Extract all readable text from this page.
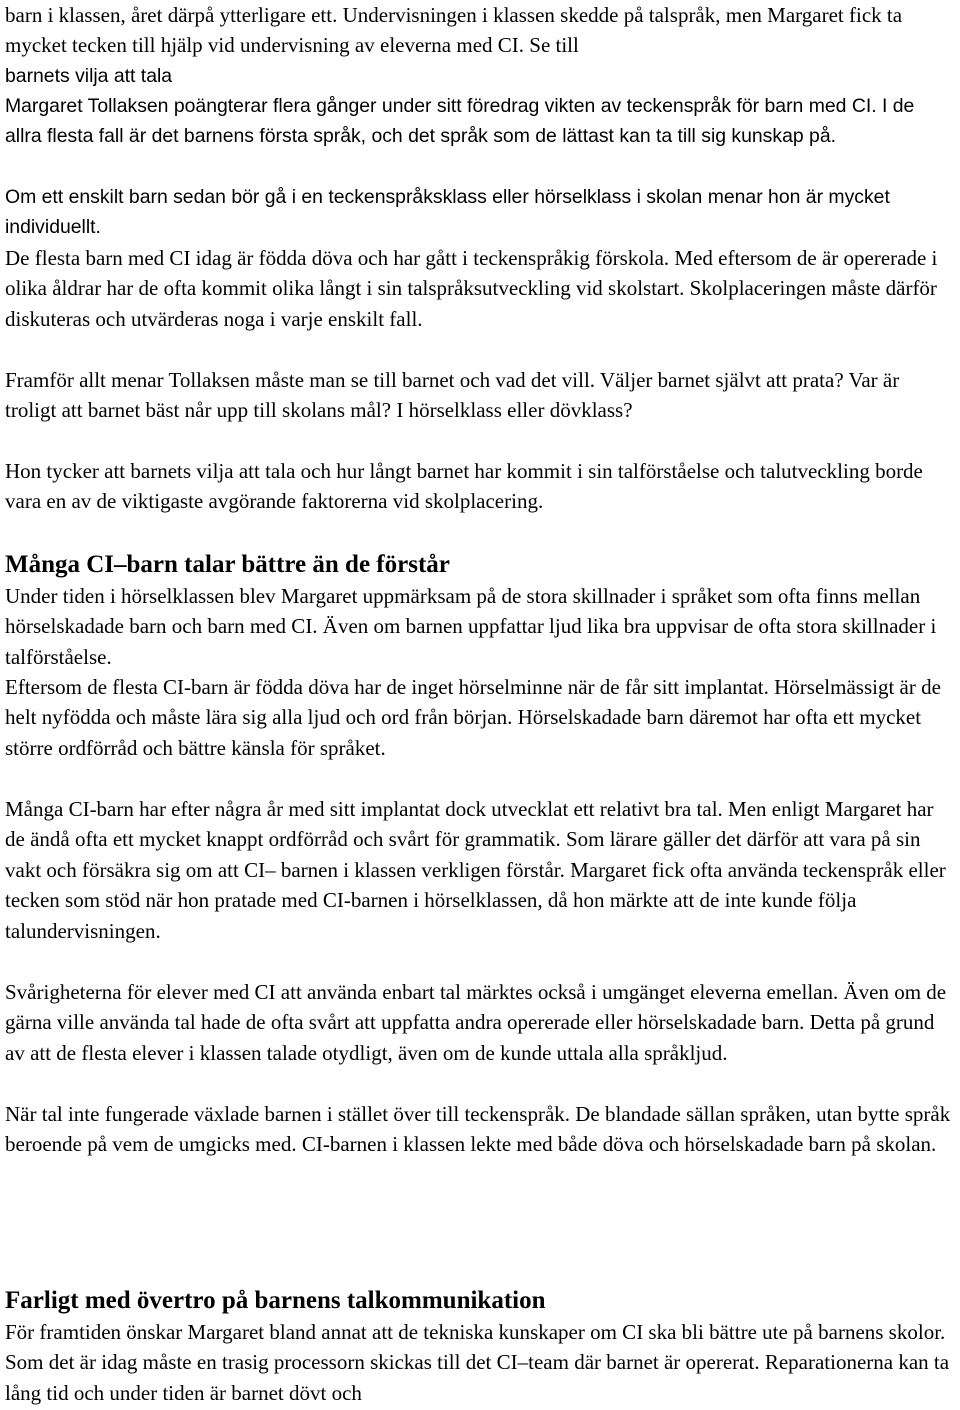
barn i klassen, året därpå ytterligare ett. Undervisningen i klassen skedde på talspråk, men Margaret fick ta mycket tecken till hjälp vid undervisning av eleverna med CI. Se till

barnets vilja att tala

Margaret Tollaksen poängterar flera gånger under sitt föredrag vikten av teckenspråk för barn med CI. I de allra flesta fall är det barnens första språk, och det språk som de lättast kan ta till sig kunskap på.

Om ett enskilt barn sedan bör gå i en teckenspråksklass eller hörselklass i skolan menar hon är mycket individuellt.

De flesta barn med CI idag är födda döva och har gått i teckenspråkig förskola. Med eftersom de är opererade i olika åldrar har de ofta kommit olika långt i sin talspråksutveckling vid skolstart. Skolplaceringen måste därför diskuteras och utvärderas noga i varje enskilt fall.

Framför allt menar Tollaksen måste man se till barnet och vad det vill. Väljer barnet självt att prata? Var är troligt att barnet bäst når upp till skolans mål? I hörselklass eller dövklass?

Hon tycker att barnets vilja att tala och hur långt barnet har kommit i sin talförståelse och talutveckling borde vara en av de viktigaste avgörande faktorerna vid skolplacering.

Många CI–barn talar bättre än de förstår

Under tiden i hörselklassen blev Margaret uppmärksam på de stora skillnader i språket som ofta finns mellan hörselskadade barn och barn med CI. Även om barnen uppfattar ljud lika bra uppvisar de ofta stora skillnader i talförståelse.

Eftersom de flesta CI-barn är födda döva har de inget hörselminne när de får sitt implantat. Hörselmässigt är de helt nyfödda och måste lära sig alla ljud och ord från början. Hörselskadade barn däremot har ofta ett mycket större ordförråd och bättre känsla för språket.

Många CI-barn har efter några år med sitt implantat dock utvecklat ett relativt bra tal. Men enligt Margaret har de ändå ofta ett mycket knappt ordförråd och svårt för grammatik. Som lärare gäller det därför att vara på sin vakt och försäkra sig om att CI– barnen i klassen verkligen förstår. Margaret fick ofta använda teckenspråk eller tecken som stöd när hon pratade med CI-barnen i hörselklassen, då hon märkte att de inte kunde följa talundervisningen.

Svårigheterna för elever med CI att använda enbart tal märktes också i umgänget eleverna emellan. Även om de gärna ville använda tal hade de ofta svårt att uppfatta andra opererade eller hörselskadade barn. Detta på grund av att de flesta elever i klassen talade otydligt, även om de kunde uttala alla språkljud.

När tal inte fungerade växlade barnen i stället över till teckenspråk. De blandade sällan språken, utan bytte språk beroende på vem de umgicks med. CI-barnen i klassen lekte med både döva och hörselskadade barn på skolan.

Farligt med övertro på barnens talkommunikation

För framtiden önskar Margaret bland annat att de tekniska kunskaper om CI ska bli bättre ute på barnens skolor. Som det är idag måste en trasig processorn skickas till det CI–team där barnet är opererat. Reparationerna kan ta lång tid och under tiden är barnet dövt och
